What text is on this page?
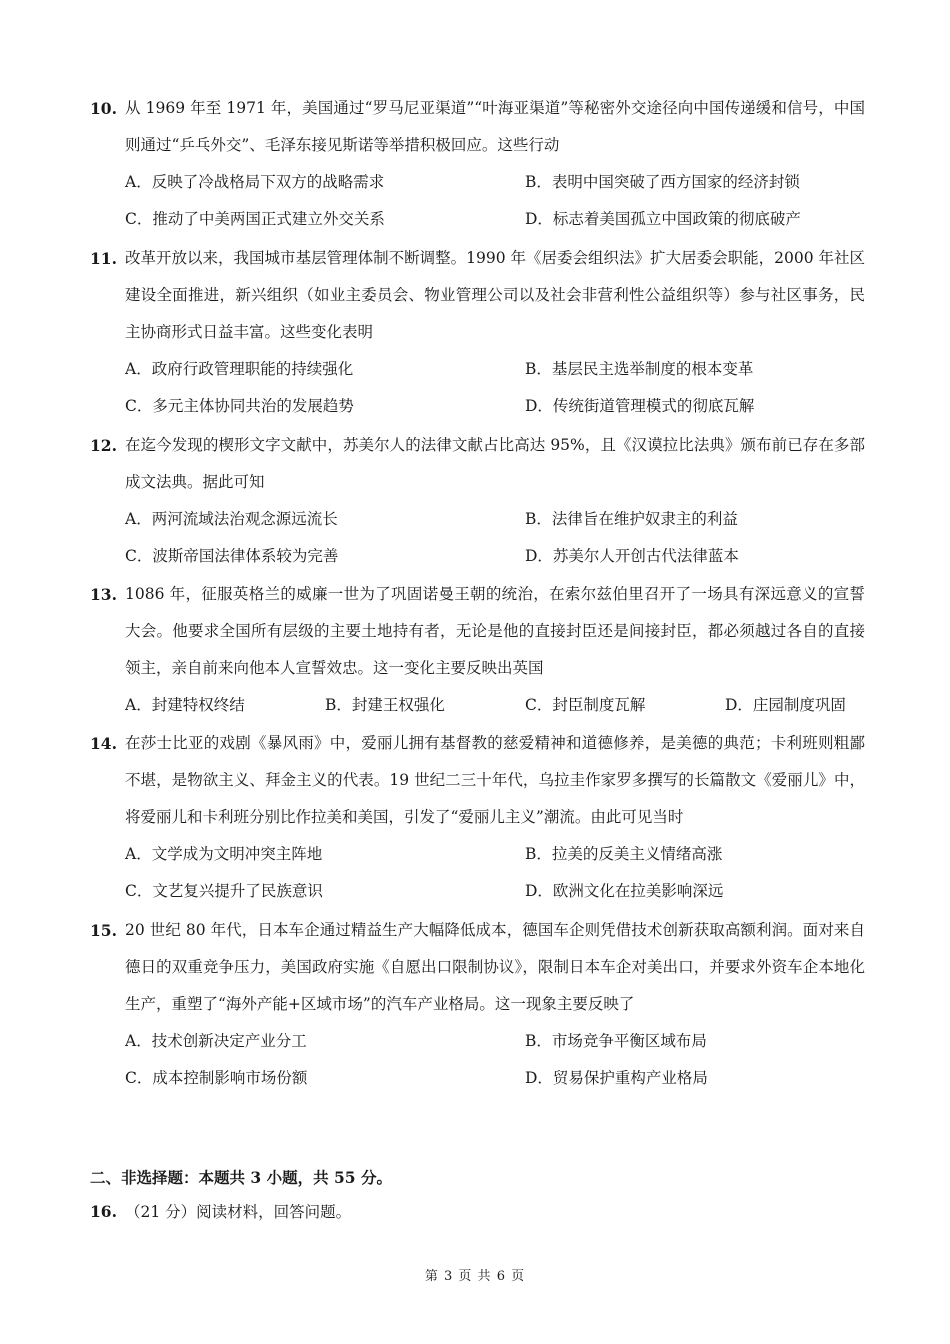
10. 从 1969 年至 1971 年，美国通过“罗马尼亚渠道”“叶海亚渠道”等秘密外交途径向中国传递缓和信号，中国则通过“乒乓外交”、毛泽东接见斯诺等举措积极回应。这些行动
A．反映了冷战格局下双方的战略需求	B．表明中国突破了西方国家的经济封锁
C．推动了中美两国正式建立外交关系	D．标志着美国孤立中国政策的彻底破产
11. 改革开放以来，我国城市基层管理体制不断调整。1990 年《居委会组织法》扩大居委会职能，2000 年社区建设全面推进，新兴组织（如业主委员会、物业管理公司以及社会非营利性公益组织等）参与社区事务，民主协商形式日益丰富。这些变化表明
A．政府行政管理职能的持续强化	B．基层民主选举制度的根本变革
C．多元主体协同共治的发展趋势	D．传统街道管理模式的彻底瓦解
12. 在迄今发现的楔形文字文献中，苏美尔人的法律文献占比高达 95%，且《汉谟拉比法典》颁布前已存在多部成文法典。据此可知
A．两河流域法治观念源远流长	B．法律旨在维护奴隶主的利益
C．波斯帝国法律体系较为完善	D．苏美尔人开创古代法律蓝本
13. 1086 年，征服英格兰的威廉一世为了巩固诺曼王朝的统治，在索尔兹伯里召开了一场具有深远意义的宣誓大会。他要求全国所有层级的主要土地持有者，无论是他的直接封臣还是间接封臣，都必须越过各自的直接领主，亲自前来向他本人宣誓效忠。这一变化主要反映出英国
A．封建特权终结	B．封建王权强化	C．封臣制度瓦解	D．庄园制度巩固
14. 在莎士比亚的戏剧《暴风雨》中，爱丽儿拥有基督教的慈爱精神和道德修养，是美德的典范；卡利班则粗鄙不堪，是物欲主义、拜金主义的代表。19 世纪二三十年代，乌拉圭作家罗多撰写的长篇散文《爱丽儿》中，将爱丽儿和卡利班分别比作拉美和美国，引发了“爱丽儿主义”潮流。由此可见当时
A．文学成为文明冲突主阵地	B．拉美的反美主义情绪高涨
C．文艺复兴提升了民族意识	D．欧洲文化在拉美影响深远
15. 20 世纪 80 年代，日本车企通过精益生产大幅降低成本，德国车企则凭借技术创新获取高额利润。面对来自德日的双重竞争压力，美国政府实施《自愿出口限制协议》，限制日本车企对美出口，并要求外资车企本地化生产，重塑了“海外产能+区域市场”的汽车产业格局。这一现象主要反映了
A．技术创新决定产业分工	B．市场竞争平衡区域布局
C．成本控制影响市场份额	D．贸易保护重构产业格局
二、非选择题：本题共 3 小题，共 55 分。
16. （21 分）阅读材料，回答问题。
第 3 页 共 6 页
